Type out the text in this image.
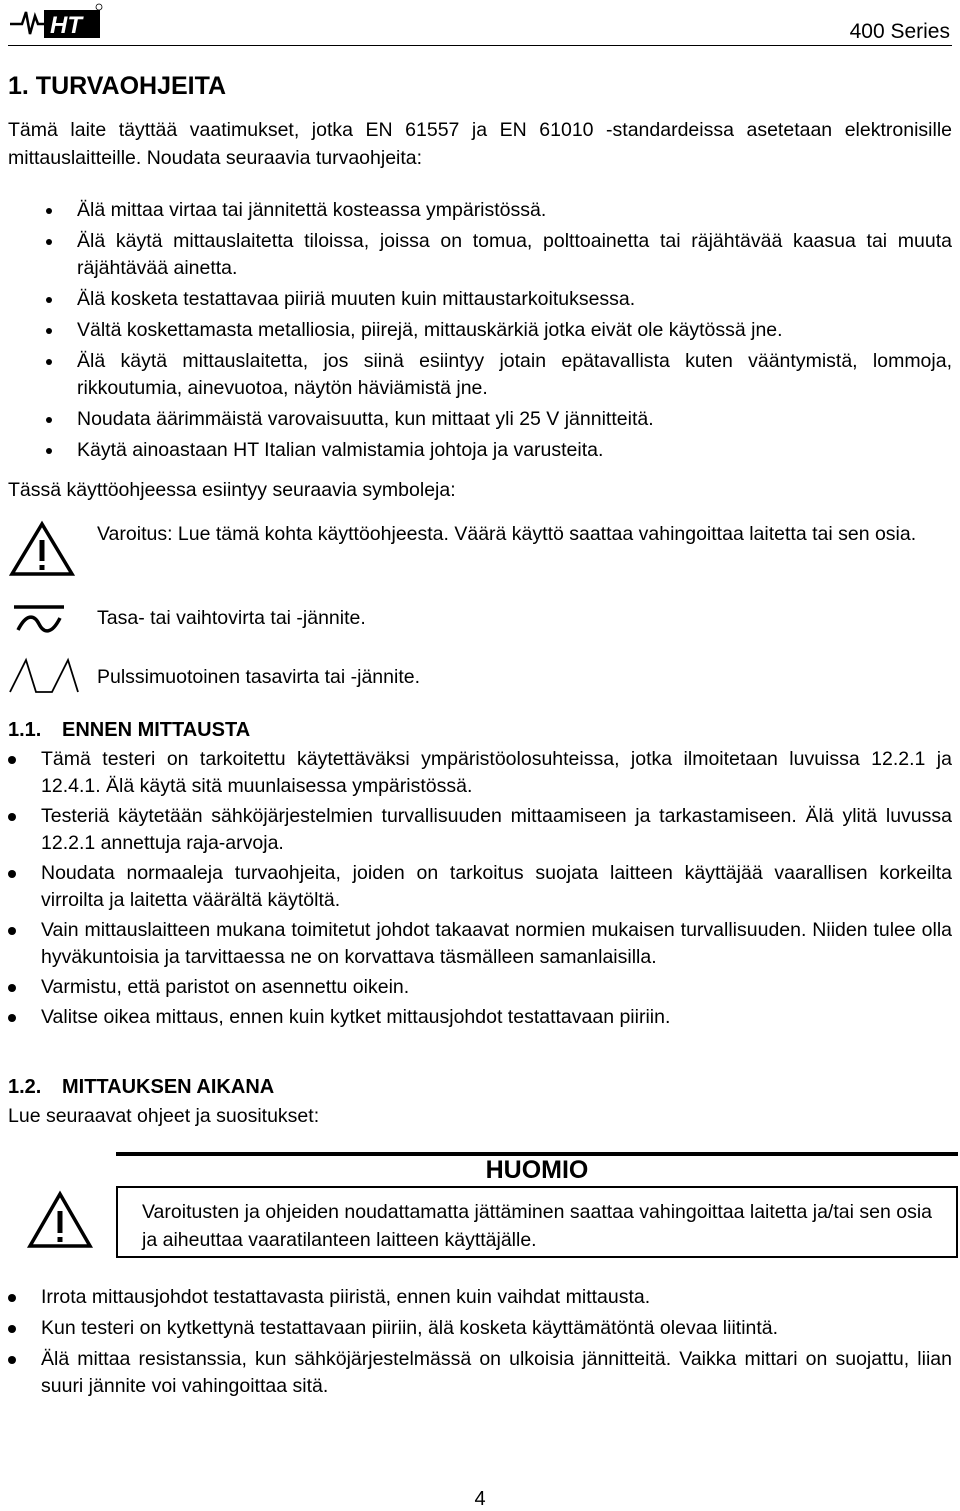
HT	400 Series
1. TURVAOHJEITA
Tämä laite täyttää vaatimukset, jotka EN 61557 ja EN 61010 -standardeissa asetetaan elektronisille mittauslaitteille. Noudata seuraavia turvaohjeita:
Älä mittaa virtaa tai jännitettä kosteassa ympäristössä.
Älä käytä mittauslaitetta tiloissa, joissa on tomua, polttoainetta tai räjähtävää kaasua tai muuta räjähtävää ainetta.
Älä kosketa testattavaa piiriä muuten kuin mittaustarkoituksessa.
Vältä koskettamasta metalliosia, piirejä, mittauskärkiä jotka eivät ole käytössä jne.
Älä käytä mittauslaitetta, jos siinä esiintyy jotain epätavallista kuten vääntymistä, lommoja, rikkoutumia, ainevuotoa, näytön häviämistä jne.
Noudata äärimmäistä varovaisuutta, kun mittaat yli 25 V jännitteitä.
Käytä ainoastaan HT Italian valmistamia johtoja ja varusteita.
Tässä käyttöohjeessa esiintyy seuraavia symboleja:
Varoitus: Lue tämä kohta käyttöohjeesta. Väärä käyttö saattaa vahingoittaa laitetta tai sen osia.
Tasa- tai vaihtovirta tai -jännite.
Pulssimuotoinen tasavirta tai -jännite.
1.1. ENNEN MITTAUSTA
Tämä testeri on tarkoitettu käytettäväksi ympäristöolosuhteissa, jotka ilmoitetaan luvuissa 12.2.1 ja 12.4.1. Älä käytä sitä muunlaisessa ympäristössä.
Testeriä käytetään sähköjärjestelmien turvallisuuden mittaamiseen ja tarkastamiseen. Älä ylitä luvussa 12.2.1 annettuja raja-arvoja.
Noudata normaaleja turvaohjeita, joiden on tarkoitus suojata laitteen käyttäjää vaarallisen korkeilta virroilta ja laitetta väärältä käytöltä.
Vain mittauslaitteen mukana toimitetut johdot takaavat normien mukaisen turvallisuuden. Niiden tulee olla hyväkuntoisia ja tarvittaessa ne on korvattava täsmälleen samanlaisilla.
Varmistu, että paristot on asennettu oikein.
Valitse oikea mittaus, ennen kuin kytket mittausjohdot testattavaan piiriin.
1.2. MITTAUKSEN AIKANA
Lue seuraavat ohjeet ja suositukset:
HUOMIO
Varoitusten ja ohjeiden noudattamatta jättäminen saattaa vahingoittaa laitetta ja/tai sen osia ja aiheuttaa vaaratilanteen laitteen käyttäjälle.
Irrota mittausjohdot testattavasta piiristä, ennen kuin vaihdat mittausta.
Kun testeri on kytkettynä testattavaan piiriin, älä kosketa käyttämätöntä olevaa liitintä.
Älä mittaa resistanssia, kun sähköjärjestelmässä on ulkoisia jännitteitä. Vaikka mittari on suojattu, liian suuri jännite voi vahingoittaa sitä.
4
